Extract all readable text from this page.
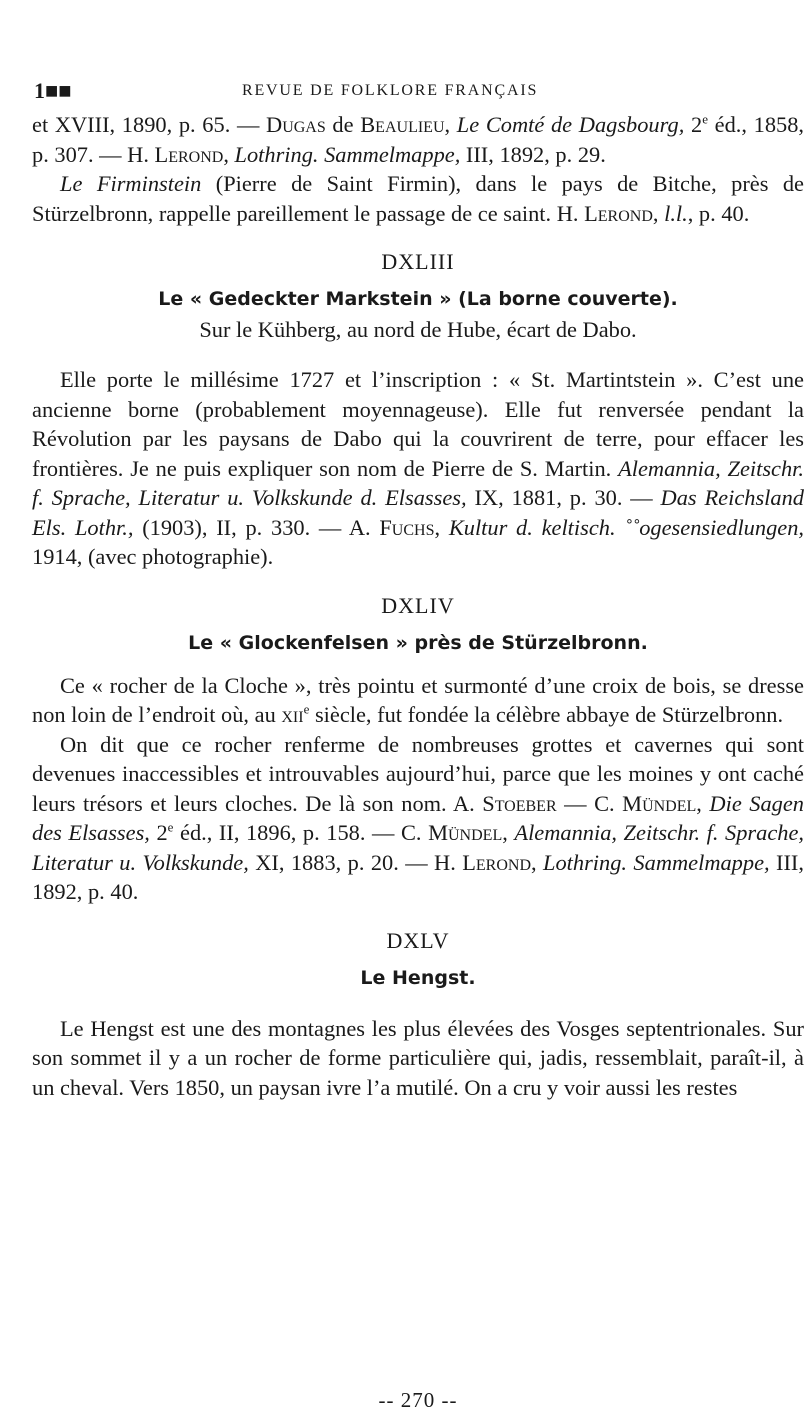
1■■	REVUE DE FOLKLORE FRANÇAIS

et XVIII, 1890, p. 65. — Dugas de Beaulieu, Le Comté de Dagsbourg, 2e éd., 1858, p. 307. — H. Lerond, Lothring. Sammelmappe, III, 1892, p. 29.

Le Firminstein (Pierre de Saint Firmin), dans le pays de Bitche, près de Stürzelbronn, rappelle pareillement le passage de ce saint. H. Lerond, l.l., p. 40.

DXLIII
Le « Gedeckter Markstein » (La borne couverte).
Sur le Kühberg, au nord de Hube, écart de Dabo.

Elle porte le millésime 1727 et l’inscription : « St. Martintstein ». C’est une ancienne borne (probablement moyennageuse). Elle fut renversée pendant la Révolution par les paysans de Dabo qui la couvrirent de terre, pour effacer les frontières. Je ne puis expliquer son nom de Pierre de S. Martin. Alemannia, Zeitschr. f. Sprache, Literatur u. Volkskunde d. Elsasses, IX, 1881, p. 30. — Das Reichsland Els. Lothr., (1903), II, p. 330. — A. Fuchs, Kultur d. keltisch. ˚˚ogesensiedlungen, 1914, (avec photographie).

DXLIV
Le « Glockenfelsen » près de Stürzelbronn.

Ce « rocher de la Cloche », très pointu et surmonté d’une croix de bois, se dresse non loin de l’endroit où, au xii$^e$ siècle, fut fondée la célèbre abbaye de Stürzelbronn.

On dit que ce rocher renferme de nombreuses grottes et cavernes qui sont devenues inaccessibles et introuvables aujourd’hui, parce que les moines y ont caché leurs trésors et leurs cloches. De là son nom. A. Stoeber — C. Mündel, Die Sagen des Elsasses, 2e éd., II, 1896, p. 158. — C. Mündel, Alemannia, Zeitschr. f. Sprache, Literatur u. Volkskunde, XI, 1883, p. 20. — H. Lerond, Lothring. Sammelmappe, III, 1892, p. 40.

DXLV
Le Hengst.

Le Hengst est une des montagnes les plus élevées des Vosges septentrionales. Sur son sommet il y a un rocher de forme particulière qui, jadis, ressemblait, paraît-il, à un cheval. Vers 1850, un paysan ivre l’a mutilé. On a cru y voir aussi les restes

-- 270 --
